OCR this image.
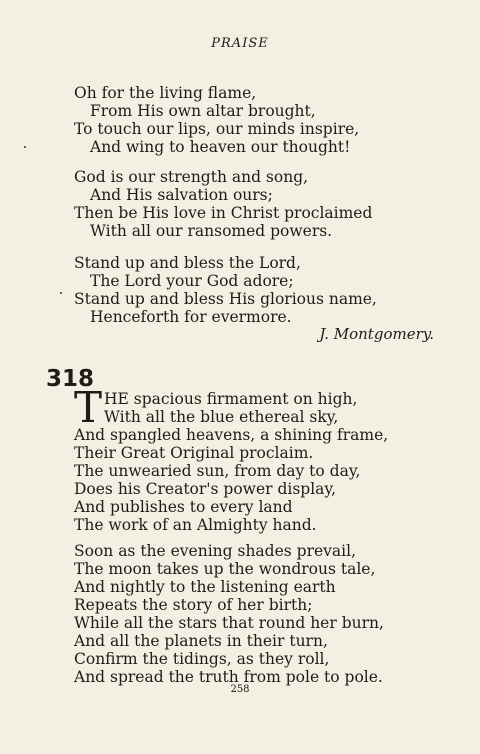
PRAISE
Oh for the living flame,
From His own altar brought,
To touch our lips, our minds inspire,
And wing to heaven our thought!
God is our strength and song,
And His salvation ours;
Then be His love in Christ proclaimed
With all our ransomed powers.
Stand up and bless the Lord,
The Lord your God adore;
Stand up and bless His glorious name,
Henceforth for evermore.
J. Montgomery.
318
T HE spacious firmament on high,
With all the blue ethereal sky,
And spangled heavens, a shining frame,
Their Great Original proclaim.
The unwearied sun, from day to day,
Does his Creator's power display,
And publishes to every land
The work of an Almighty hand.
Soon as the evening shades prevail,
The moon takes up the wondrous tale,
And nightly to the listening earth
Repeats the story of her birth;
While all the stars that round her burn,
And all the planets in their turn,
Confirm the tidings, as they roll,
And spread the truth from pole to pole.
258
